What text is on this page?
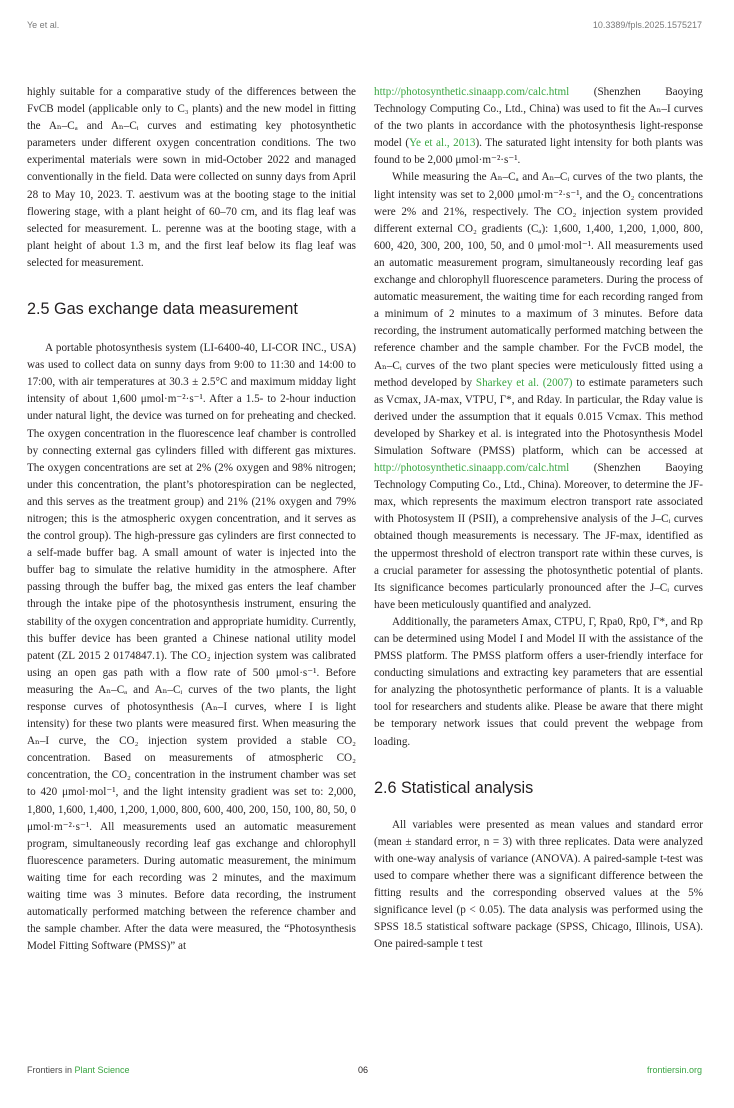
Ye et al.	10.3389/fpls.2025.1575217

highly suitable for a comparative study of the differences between the FvCB model (applicable only to C₃ plants) and the new model in fitting the Aₙ–Cₐ and Aₙ–Cᵢ curves and estimating key photosynthetic parameters under different oxygen concentration conditions. The two experimental materials were sown in mid-October 2022 and managed conventionally in the field. Data were collected on sunny days from April 28 to May 10, 2023. T. aestivum was at the booting stage to the initial flowering stage, with a plant height of 60–70 cm, and its flag leaf was selected for measurement. L. perenne was at the booting stage, with a plant height of about 1.3 m, and the first leaf below its flag leaf was selected for measurement.

2.5 Gas exchange data measurement

A portable photosynthesis system (LI-6400-40, LI-COR INC., USA) was used to collect data on sunny days from 9:00 to 11:30 and 14:00 to 17:00, with air temperatures at 30.3 ± 2.5°C and maximum midday light intensity of about 1,600 μmol·m⁻²·s⁻¹. After a 1.5- to 2-hour induction under natural light, the device was turned on for preheating and checked. The oxygen concentration in the fluorescence leaf chamber is controlled by connecting external gas cylinders filled with different gas mixtures. The oxygen concentrations are set at 2% (2% oxygen and 98% nitrogen; under this concentration, the plant’s photorespiration can be neglected, and this serves as the treatment group) and 21% (21% oxygen and 79% nitrogen; this is the atmospheric oxygen concentration, and it serves as the control group). The high-pressure gas cylinders are first connected to a self-made buffer bag. A small amount of water is injected into the buffer bag to simulate the relative humidity in the atmosphere. After passing through the buffer bag, the mixed gas enters the leaf chamber through the intake pipe of the photosynthesis instrument, ensuring the stability of the oxygen concentration and appropriate humidity. Currently, this buffer device has been granted a Chinese national utility model patent (ZL 2015 2 0174847.1). The CO₂ injection system was calibrated using an open gas path with a flow rate of 500 μmol·s⁻¹. Before measuring the Aₙ–Cₐ and Aₙ–Cᵢ curves of the two plants, the light response curves of photosynthesis (Aₙ–I curves, where I is light intensity) for these two plants were measured first. When measuring the Aₙ–I curve, the CO₂ injection system provided a stable CO₂ concentration. Based on measurements of atmospheric CO₂ concentration, the CO₂ concentration in the instrument chamber was set to 420 μmol·mol⁻¹, and the light intensity gradient was set to: 2,000, 1,800, 1,600, 1,400, 1,200, 1,000, 800, 600, 400, 200, 150, 100, 80, 50, 0 μmol·m⁻²·s⁻¹. All measurements used an automatic measurement program, simultaneously recording leaf gas exchange and chlorophyll fluorescence parameters. During automatic measurement, the minimum waiting time for each recording was 2 minutes, and the maximum waiting time was 3 minutes. Before data recording, the instrument automatically performed matching between the reference chamber and the sample chamber. After the data were measured, the “Photosynthesis Model Fitting Software (PMSS)” at

http://photosynthetic.sinaapp.com/calc.html (Shenzhen Baoying Technology Computing Co., Ltd., China) was used to fit the Aₙ–I curves of the two plants in accordance with the photosynthesis light-response model (Ye et al., 2013). The saturated light intensity for both plants was found to be 2,000 μmol·m⁻²·s⁻¹.

While measuring the Aₙ–Cₐ and Aₙ–Cᵢ curves of the two plants, the light intensity was set to 2,000 μmol·m⁻²·s⁻¹, and the O₂ concentrations were 2% and 21%, respectively. The CO₂ injection system provided different external CO₂ gradients (Cₐ): 1,600, 1,400, 1,200, 1,000, 800, 600, 420, 300, 200, 100, 50, and 0 μmol·mol⁻¹. All measurements used an automatic measurement program, simultaneously recording leaf gas exchange and chlorophyll fluorescence parameters. During the process of automatic measurement, the waiting time for each recording ranged from a minimum of 2 minutes to a maximum of 3 minutes. Before data recording, the instrument automatically performed matching between the reference chamber and the sample chamber. For the FvCB model, the Aₙ–Cᵢ curves of the two plant species were meticulously fitted using a method developed by Sharkey et al. (2007) to estimate parameters such as Vcmax, JA-max, VTPU, Γ*, and Rday. In particular, the Rday value is derived under the assumption that it equals 0.015 Vcmax. This method developed by Sharkey et al. is integrated into the Photosynthesis Model Simulation Software (PMSS) platform, which can be accessed at http://photosynthetic.sinaapp.com/calc.html (Shenzhen Baoying Technology Computing Co., Ltd., China). Moreover, to determine the JF-max, which represents the maximum electron transport rate associated with Photosystem II (PSII), a comprehensive analysis of the J–Cᵢ curves obtained though measurements is necessary. The JF-max, identified as the uppermost threshold of electron transport rate within these curves, is a crucial parameter for assessing the photosynthetic potential of plants. Its significance becomes particularly pronounced after the J–Cᵢ curves have been meticulously quantified and analyzed.

Additionally, the parameters Amax, CTPU, Γ, Rpa0, Rp0, Γ*, and Rp can be determined using Model I and Model II with the assistance of the PMSS platform. The PMSS platform offers a user-friendly interface for conducting simulations and extracting key parameters that are essential for analyzing the photosynthetic performance of plants. It is a valuable tool for researchers and students alike. Please be aware that there might be temporary network issues that could prevent the webpage from loading.

2.6 Statistical analysis

All variables were presented as mean values and standard error (mean ± standard error, n = 3) with three replicates. Data were analyzed with one-way analysis of variance (ANOVA). A paired-sample t-test was used to compare whether there was a significant difference between the fitting results and the corresponding observed values at the 5% significance level (p < 0.05). The data analysis was performed using the SPSS 18.5 statistical software package (SPSS, Chicago, Illinois, USA). One paired-sample t test

Frontiers in Plant Science	06	frontiersin.org
